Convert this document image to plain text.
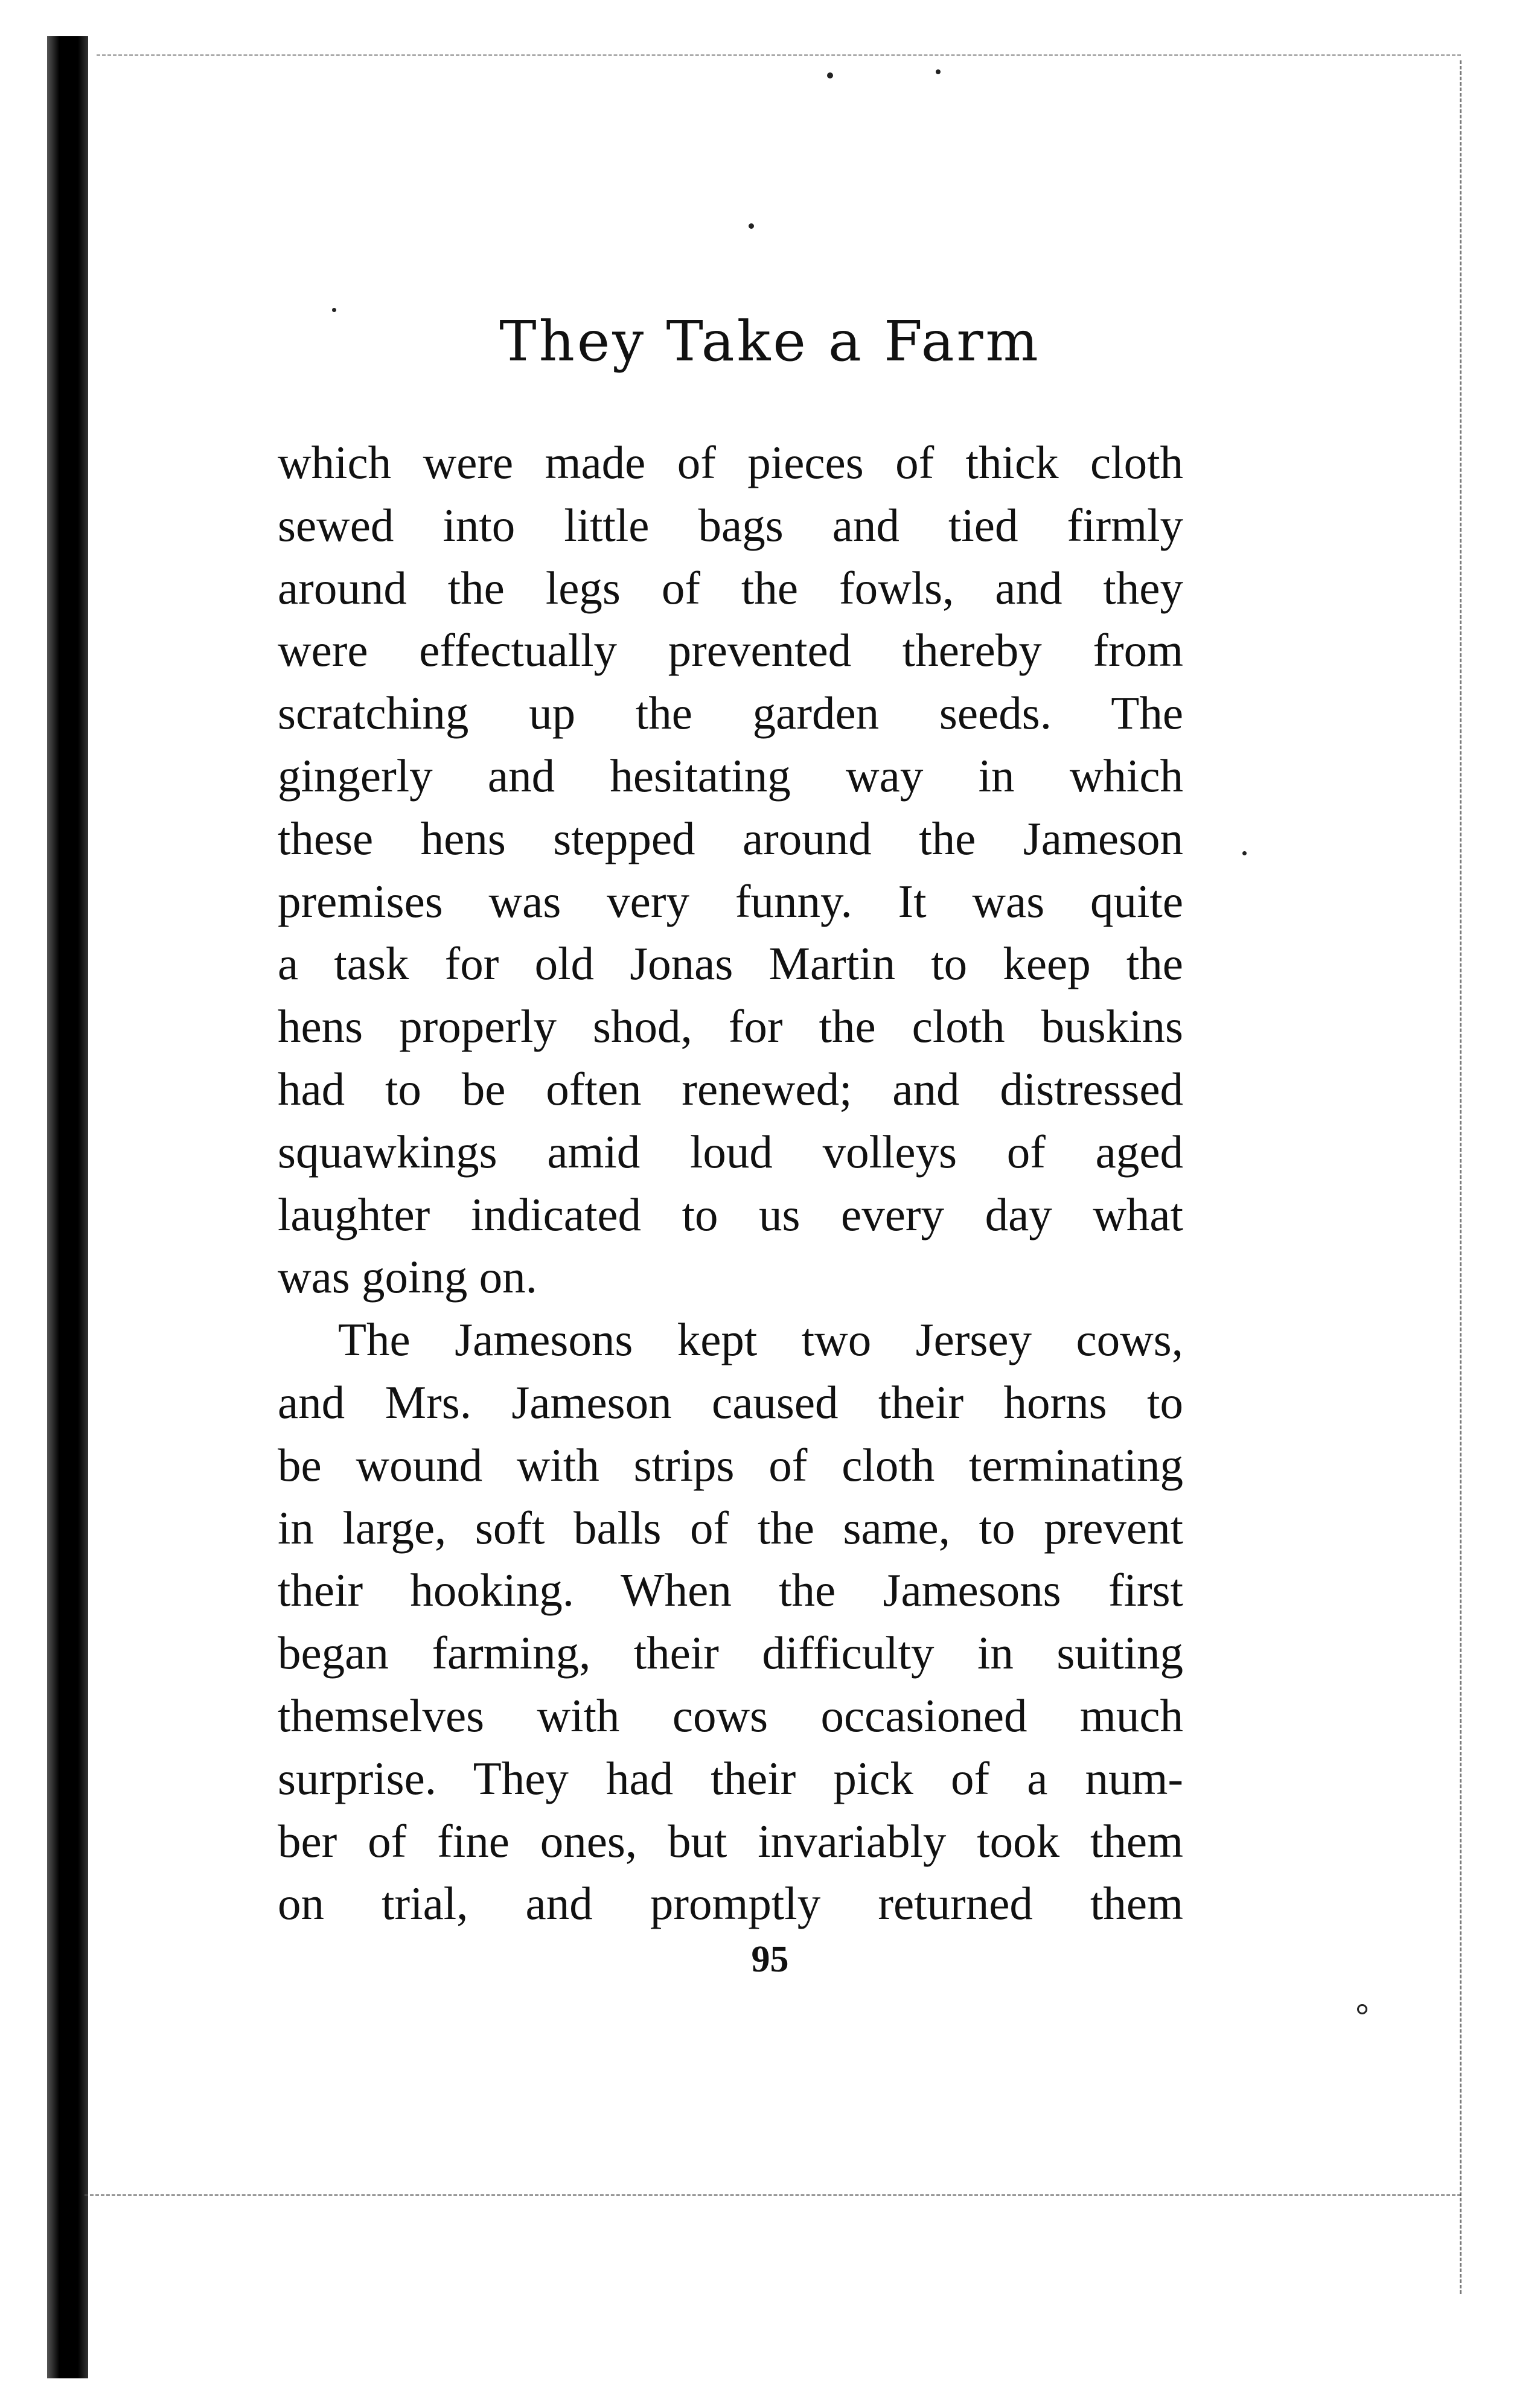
They Take a Farm
which were made of pieces of thick cloth
sewed into little bags and tied firmly
around the legs of the fowls, and they
were effectually prevented thereby from
scratching up the garden seeds. The
gingerly and hesitating way in which
these hens stepped around the Jameson
premises was very funny. It was quite
a task for old Jonas Martin to keep the
hens properly shod, for the cloth buskins
had to be often renewed; and distressed
squawkings amid loud volleys of aged
laughter indicated to us every day what
was going on.
The Jamesons kept two Jersey cows,
and Mrs. Jameson caused their horns to
be wound with strips of cloth terminating
in large, soft balls of the same, to prevent
their hooking. When the Jamesons first
began farming, their difficulty in suiting
themselves with cows occasioned much
surprise. They had their pick of a num-
ber of fine ones, but invariably took them
on trial, and promptly returned them
95
